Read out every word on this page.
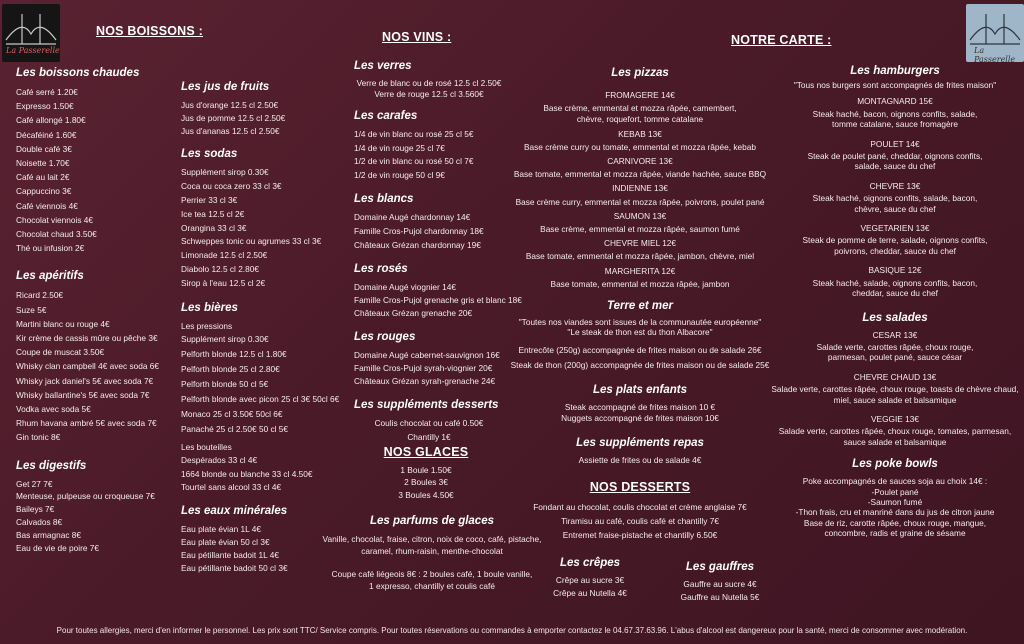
La Passerelle	La Passerelle
NOS BOISSONS :	NOS VINS :	NOTRE CARTE :
Les boissons chaudes
Café serré 1.20€
Expresso 1.50€
Café allongé 1.80€
Décaféiné 1.60€
Double café 3€
Noisette 1.70€
Café au lait 2€
Cappuccino 3€
Café viennois 4€
Chocolat viennois 4€
Chocolat chaud 3.50€
Thé ou infusion 2€
Les apéritifs
Ricard 2.50€
Suze 5€
Martini blanc ou rouge 4€
Kir crème de cassis mûre ou pêche 3€
Coupe de muscat 3.50€
Whisky clan campbell 4€ avec soda 6€
Whisky jack daniel's 5€ avec soda 7€
Whisky ballantine's 5€ avec soda 7€
Vodka avec soda 5€
Rhum havana ambré 5€ avec soda 7€
Gin tonic 8€
Les digestifs
Get 27 7€
Menteuse, pulpeuse ou croqueuse 7€
Baileys 7€
Calvados 8€
Bas armagnac 8€
Eau de vie de poire 7€
Les jus de fruits
Jus d'orange 12.5 cl 2.50€
Jus de pomme 12.5 cl 2.50€
Jus d'ananas 12.5 cl 2.50€
Les sodas
Supplément sirop 0.30€
Coca ou coca zero 33 cl 3€
Perrier 33 cl 3€
Ice tea 12.5 cl 2€
Orangina 33 cl 3€
Schweppes tonic ou agrumes 33 cl 3€
Limonade 12.5 cl 2.50€
Diabolo 12.5 cl 2.80€
Sirop à l'eau 12.5 cl 2€
Les bières
Les pressions
Supplément sirop 0.30€
Pelforth blonde 12.5 cl 1.80€
Pelforth blonde 25 cl 2.80€
Pelforth blonde 50 cl 5€
Pelforth blonde avec picon 25 cl 3€ 50cl 6€
Monaco 25 cl 3.50€ 50cl 6€
Panaché 25 cl 2.50€ 50 cl 5€
Les bouteilles
Despérados 33 cl 4€
1664 blonde ou blanche 33 cl 4.50€
Tourtel sans alcool 33 cl 4€
Les eaux minérales
Eau plate évian 1L 4€
Eau plate évian 50 cl 3€
Eau pétillante badoit 1L 4€
Eau pétillante badoit 50 cl 3€
Les verres
Verre de blanc ou de rosé 12.5 cl 2.50€
Verre de rouge 12.5 cl 3.560€
Les carafes
1/4 de vin blanc ou rosé 25 cl 5€
1/4 de vin rouge 25 cl 7€
1/2 de vin blanc ou rosé 50 cl 7€
1/2 de vin rouge 50 cl 9€
Les blancs
Domaine Augé chardonnay 14€
Famille Cros-Pujol chardonnay 18€
Châteaux Grézan chardonnay 19€
Les rosés
Domaine Augé viognier 14€
Famille Cros-Pujol grenache gris et blanc 18€
Châteaux Grézan grenache 20€
Les rouges
Domaine Augé cabernet-sauvignon 16€
Famille Cros-Pujol syrah-viognier 20€
Châteaux Grézan syrah-grenache 24€
Les suppléments desserts
Coulis chocolat ou café 0.50€
Chantilly 1€
NOS GLACES
1 Boule 1.50€
2 Boules 3€
3 Boules 4.50€
Les parfums de glaces
Vanille, chocolat, fraise, citron, noix de coco, café, pistache,
caramel, rhum-raisin, menthe-chocolat
Coupe café liégeois 8€ : 2 boules café, 1 boule vanille,
1 expresso, chantilly et coulis café
Les pizzas
FROMAGERE 14€
Base crème, emmental et mozza râpée, camembert,
chèvre, roquefort, tomme catalane
KEBAB 13€
Base crème curry ou tomate, emmental et mozza râpée, kebab
CARNIVORE 13€
Base tomate, emmental et mozza râpée, viande hachée, sauce BBQ
INDIENNE 13€
Base crème curry, emmental et mozza râpée, poivrons, poulet pané
SAUMON 13€
Base crème, emmental et mozza râpée, saumon fumé
CHEVRE MIEL 12€
Base tomate, emmental et mozza râpée, jambon, chèvre, miel
MARGHERITA 12€
Base tomate, emmental et mozza râpée, jambon
Terre et mer
"Toutes nos viandes sont issues de la communautée européenne"
"Le steak de thon est du thon Albacore"
Entrecôte (250g) accompagnée de frites maison ou de salade 26€
Steak de thon (200g) accompagnée de frites maison ou de salade 25€
Les plats enfants
Steak accompagné de frites maison 10 €
Nuggets accompagné de frites maison 10€
Les suppléments repas
Assiette de frites ou de salade 4€
NOS DESSERTS
Fondant au chocolat, coulis chocolat et crème anglaise 7€
Tiramisu au café, coulis café et chantilly 7€
Entremet fraise-pistache et chantilly 6.50€
Les crêpes
Crêpe au sucre 3€
Crêpe au Nutella 4€
Les gauffres
Gauffre au sucre 4€
Gauffre au Nutella 5€
Les hamburgers
"Tous nos burgers sont accompagnés de frites maison"
MONTAGNARD 15€
Steak haché, bacon, oignons confits, salade,
tomme catalane, sauce fromagère
POULET 14€
Steak de poulet pané, cheddar, oignons confits,
salade, sauce du chef
CHEVRE 13€
Steak haché, oignons confits, salade, bacon,
chèvre, sauce du chef
VEGETARIEN 13€
Steak de pomme de terre, salade, oignons confits,
poivrons, cheddar, sauce du chef
BASIQUE 12€
Steak haché, salade, oignons confits, bacon,
cheddar, sauce du chef
Les salades
CESAR 13€
Salade verte, carottes râpée, choux rouge,
parmesan, poulet pané, sauce césar
CHEVRE CHAUD 13€
Salade verte, carottes râpée, choux rouge, toasts de chèvre chaud,
miel, sauce salade et balsamique
VEGGIE 13€
Salade verte, carottes râpée, choux rouge, tomates, parmesan,
sauce salade et balsamique
Les poke bowls
Poke accompagnés de sauces soja au choix 14€ :
-Poulet pané
-Saumon fumé
-Thon frais, cru et manriné dans du jus de citron jaune
Base de riz, carotte râpée, choux rouge, mangue,
concombre, radis et graine de sésame
Pour toutes allergies, merci d'en informer le personnel. Les prix sont TTC/ Service compris. Pour toutes réservations ou commandes à emporter contactez le 04.67.37.63.96. L'abus d'alcool est dangereux pour la santé, merci de consommer avec modération.
